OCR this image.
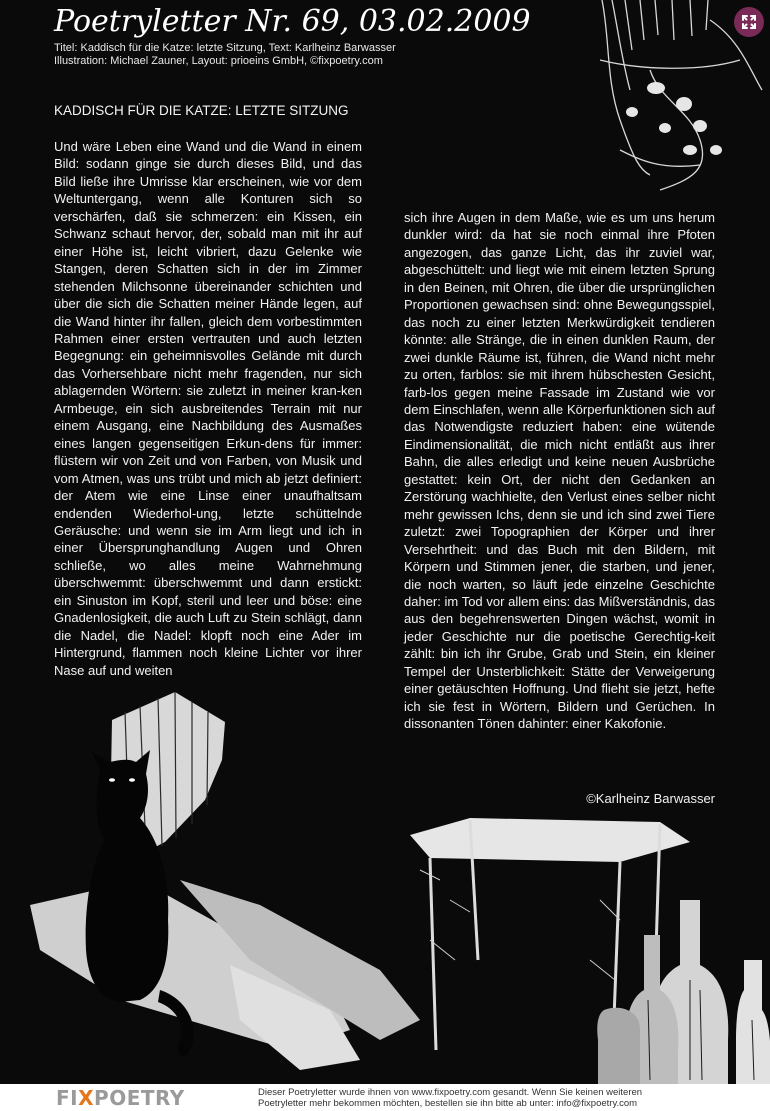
Poetryletter Nr. 69, 03.02.2009
Titel: Kaddisch für die Katze: letzte Sitzung, Text: Karlheinz Barwasser
Illustration: Michael Zauner, Layout: prioeins GmbH, ©fixpoetry.com
KADDISCH FÜR DIE KATZE: LETZTE SITZUNG
Und wäre Leben eine Wand und die Wand in einem Bild: sodann ginge sie durch dieses Bild, und das Bild ließe ihre Umrisse klar erscheinen, wie vor dem Weltuntergang, wenn alle Konturen sich so verschärfen, daß sie schmerzen: ein Kissen, ein Schwanz schaut hervor, der, sobald man mit ihr auf einer Höhe ist, leicht vibriert, dazu Gelenke wie Stangen, deren Schatten sich in der im Zimmer stehenden Milchsonne übereinander schichten und über die sich die Schatten meiner Hände legen, auf die Wand hinter ihr fallen, gleich dem vorbestimmten Rahmen einer ersten vertrauten und auch letzten Begegnung: ein geheimnisvolles Gelände mit durch das Vorhersehbare nicht mehr fragenden, nur sich ablagernden Wörtern: sie zuletzt in meiner kran-ken Armbeuge, ein sich ausbreitendes Terrain mit nur einem Ausgang, eine Nachbildung des Ausmaßes eines langen gegenseitigen Erkun-dens für immer: flüstern wir von Zeit und von Farben, von Musik und vom Atmen, was uns trübt und mich ab jetzt definiert: der Atem wie eine Linse einer unaufhaltsam endenden Wiederhol-ung, letzte schüttelnde Geräusche: und wenn sie im Arm liegt und ich in einer Übersprunghandlung Augen und Ohren schließe, wo alles meine Wahrnehmung überschwemmt: überschwemmt und dann erstickt: ein Sinuston im Kopf, steril und leer und böse: eine Gnadenlosigkeit, die auch Luft zu Stein schlägt, dann die Nadel, die Nadel: klopft noch eine Ader im Hintergrund, flammen noch kleine Lichter vor ihrer Nase auf und weiten
sich ihre Augen in dem Maße, wie es um uns herum dunkler wird: da hat sie noch einmal ihre Pfoten angezogen, das ganze Licht, das ihr zuviel war, abgeschüttelt: und liegt wie mit einem letzten Sprung in den Beinen, mit Ohren, die über die ursprünglichen Proportionen gewachsen sind: ohne Bewegungsspiel, das noch zu einer letzten Merkwürdigkeit tendieren könnte: alle Stränge, die in einen dunklen Raum, der zwei dunkle Räume ist, führen, die Wand nicht mehr zu orten, farblos: sie mit ihrem hübschesten Gesicht, farb-los gegen meine Fassade im Zustand wie vor dem Einschlafen, wenn alle Körperfunktionen sich auf das Notwendigste reduziert haben: eine wütende Eindimensionalität, die mich nicht entläßt aus ihrer Bahn, die alles erledigt und keine neuen Ausbrüche gestattet: kein Ort, der nicht den Gedanken an Zerstörung wachhielte, den Verlust eines selber nicht mehr gewissen Ichs, denn sie und ich sind zwei Tiere zuletzt: zwei Topographien der Körper und ihrer Versehrtheit: und das Buch mit den Bildern, mit Körpern und Stimmen jener, die starben, und jener, die noch warten, so läuft jede einzelne Geschichte daher: im Tod vor allem eins: das Mißverständnis, das aus den begehrenswerten Dingen wächst, womit in jeder Geschichte nur die poetische Gerechtig-keit zählt: bin ich ihr Grube, Grab und Stein, ein kleiner Tempel der Unsterblichkeit: Stätte der Verweigerung einer getäuschten Hoffnung. Und flieht sie jetzt, hefte ich sie fest in Wörtern, Bildern und Gerüchen. In dissonanten Tönen dahinter: einer Kakofonie.
©Karlheinz Barwasser
FIXPOETRY	Dieser Poetryletter wurde ihnen von www.fixpoetry.com gesandt. Wenn Sie keinen weiteren
Poetryletter mehr bekommen möchten, bestellen sie ihn bitte ab unter: info@fixpoetry.com
